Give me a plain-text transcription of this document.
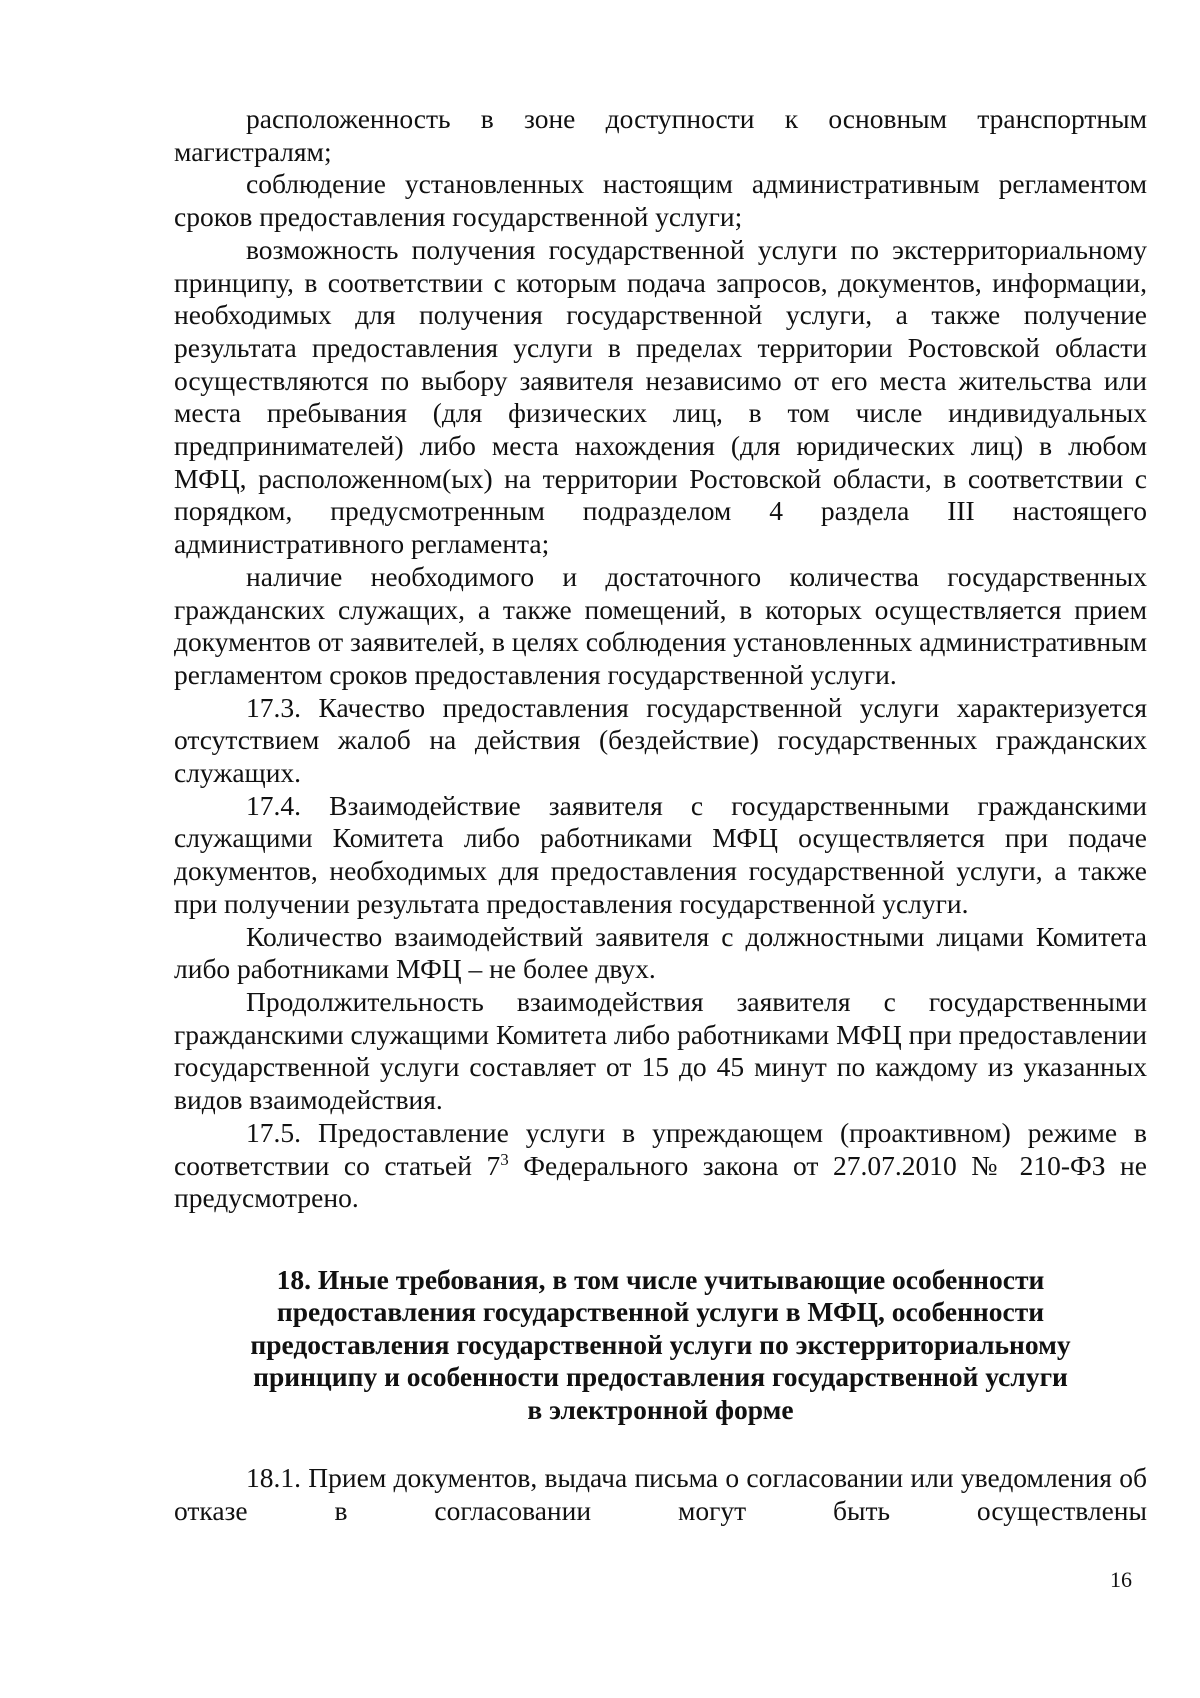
расположенность в зоне доступности к основным транспортным магистралям;

соблюдение установленных настоящим административным регламентом сроков предоставления государственной услуги;

возможность получения государственной услуги по экстерриториальному принципу, в соответствии с которым подача запросов, документов, информации, необходимых для получения государственной услуги, а также получение результата предоставления услуги в пределах территории Ростовской области осуществляются по выбору заявителя независимо от его места жительства или места пребывания (для физических лиц, в том числе индивидуальных предпринимателей) либо места нахождения (для юридических лиц) в любом МФЦ, расположенном(ых) на территории Ростовской области, в соответствии с порядком, предусмотренным подразделом 4 раздела III настоящего административного регламента;

наличие необходимого и достаточного количества государственных гражданских служащих, а также помещений, в которых осуществляется прием документов от заявителей, в целях соблюдения установленных административным регламентом сроков предоставления государственной услуги.

17.3. Качество предоставления государственной услуги характеризуется отсутствием жалоб на действия (бездействие) государственных гражданских служащих.

17.4. Взаимодействие заявителя с государственными гражданскими служащими Комитета либо работниками МФЦ осуществляется при подаче документов, необходимых для предоставления государственной услуги, а также при получении результата предоставления государственной услуги.

Количество взаимодействий заявителя с должностными лицами Комитета либо работниками МФЦ – не более двух.

Продолжительность взаимодействия заявителя с государственными гражданскими служащими Комитета либо работниками МФЦ при предоставлении государственной услуги составляет от 15 до 45 минут по каждому из указанных видов взаимодействия.

17.5. Предоставление услуги в упреждающем (проактивном) режиме в соответствии со статьей $7^3$ Федерального закона от 27.07.2010 № 210-ФЗ не предусмотрено.

18. Иные требования, в том числе учитывающие особенности
предоставления государственной услуги в МФЦ, особенности
предоставления государственной услуги по экстерриториальному
принципу и особенности предоставления государственной услуги
в электронной форме

18.1. Прием документов, выдача письма о согласовании или уведомления об отказе в согласовании могут быть осуществлены

16
